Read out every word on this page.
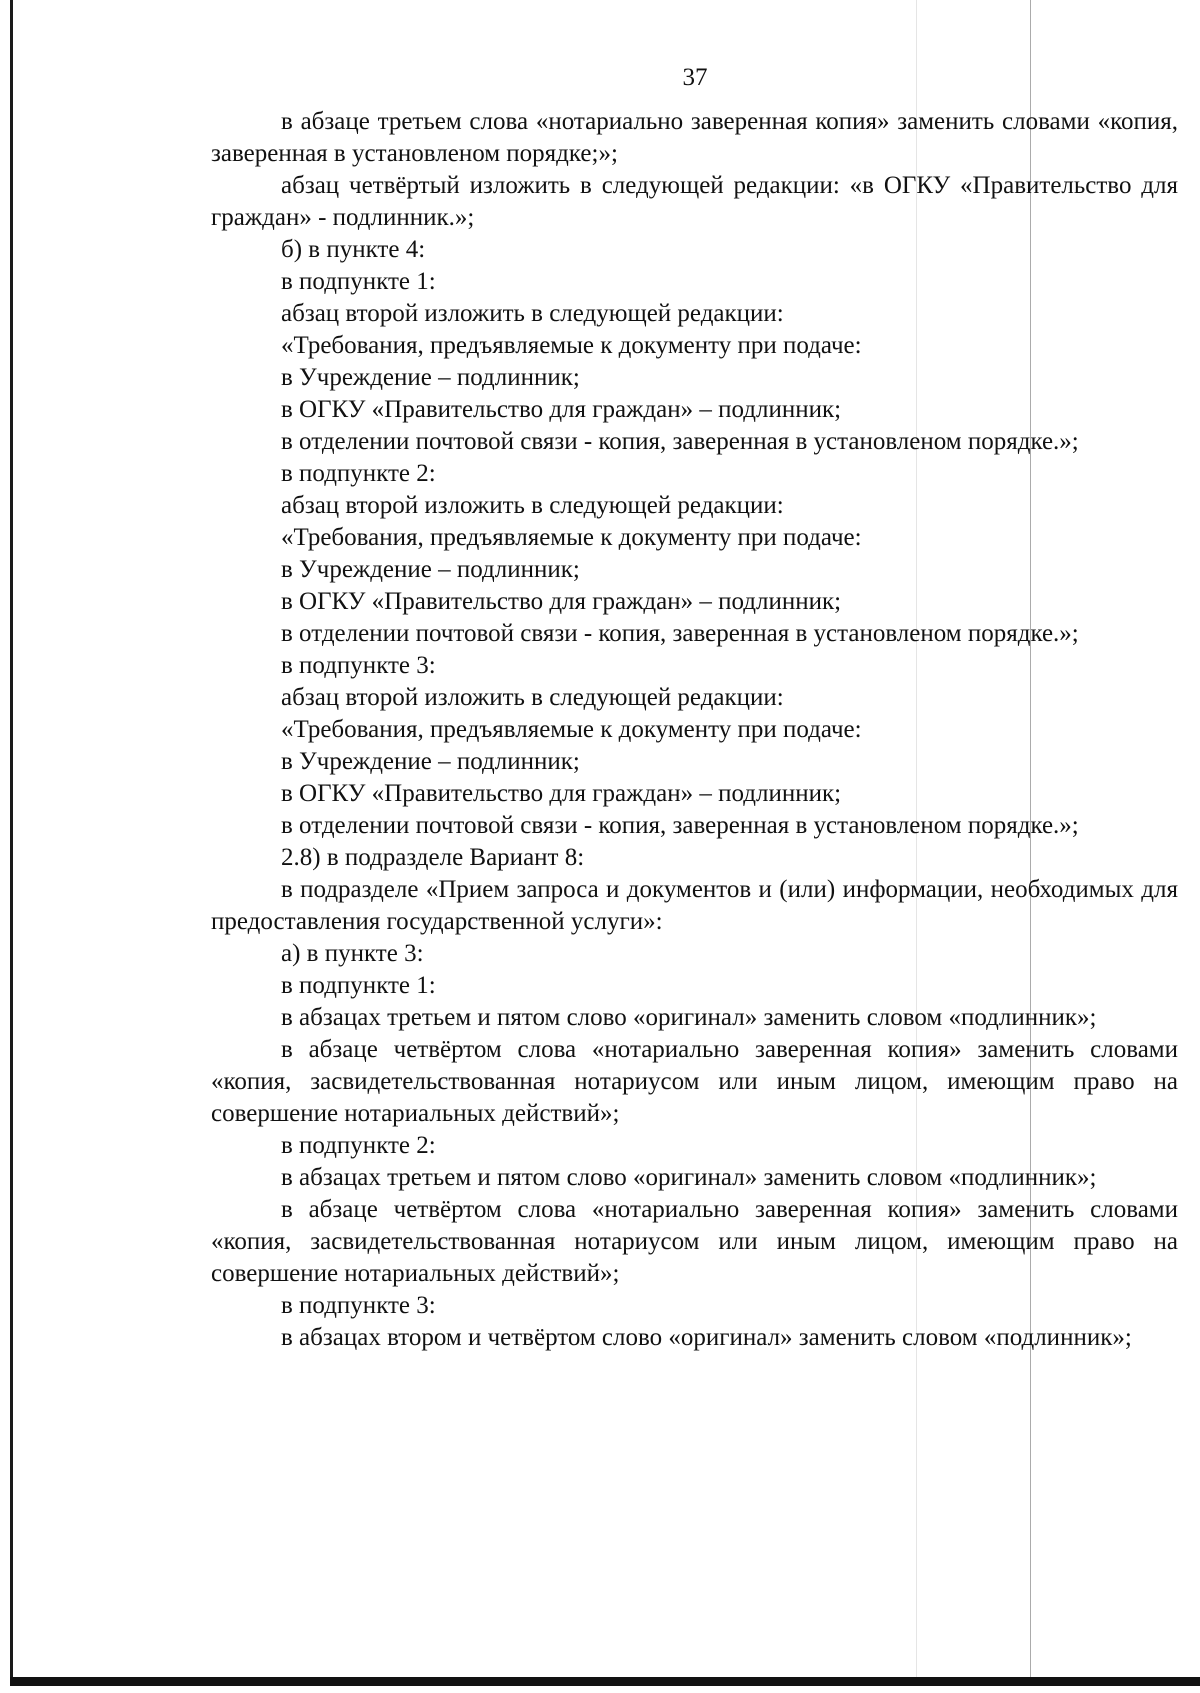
37

в абзаце третьем слова «нотариально заверенная копия» заменить словами «копия, заверенная в установленом порядке;»;

абзац четвёртый изложить в следующей редакции: «в ОГКУ «Правительство для граждан» - подлинник.»;

б) в пункте 4:

в подпункте 1:

абзац второй изложить в следующей редакции:

«Требования, предъявляемые к документу при подаче:

в Учреждение – подлинник;

в ОГКУ «Правительство для граждан» – подлинник;

в отделении почтовой связи - копия, заверенная в установленом порядке.»;

в подпункте 2:

абзац второй изложить в следующей редакции:

«Требования, предъявляемые к документу при подаче:

в Учреждение – подлинник;

в ОГКУ «Правительство для граждан» – подлинник;

в отделении почтовой связи - копия, заверенная в установленом порядке.»;

в подпункте 3:

абзац второй изложить в следующей редакции:

«Требования, предъявляемые к документу при подаче:

в Учреждение – подлинник;

в ОГКУ «Правительство для граждан» – подлинник;

в отделении почтовой связи - копия, заверенная в установленом порядке.»;

2.8) в подразделе Вариант 8:

в подразделе «Прием запроса и документов и (или) информации, необходимых для предоставления государственной услуги»:

а) в пункте 3:

в подпункте 1:

в абзацах третьем и пятом слово «оригинал» заменить словом «подлинник»;

в абзаце четвёртом слова «нотариально заверенная копия» заменить словами «копия, засвидетельствованная нотариусом или иным лицом, имеющим право на совершение нотариальных действий»;

в подпункте 2:

в абзацах третьем и пятом слово «оригинал» заменить словом «подлинник»;

в абзаце четвёртом слова «нотариально заверенная копия» заменить словами «копия, засвидетельствованная нотариусом или иным лицом, имеющим право на совершение нотариальных действий»;

в подпункте 3:

в абзацах втором и четвёртом слово «оригинал» заменить словом «подлинник»;
